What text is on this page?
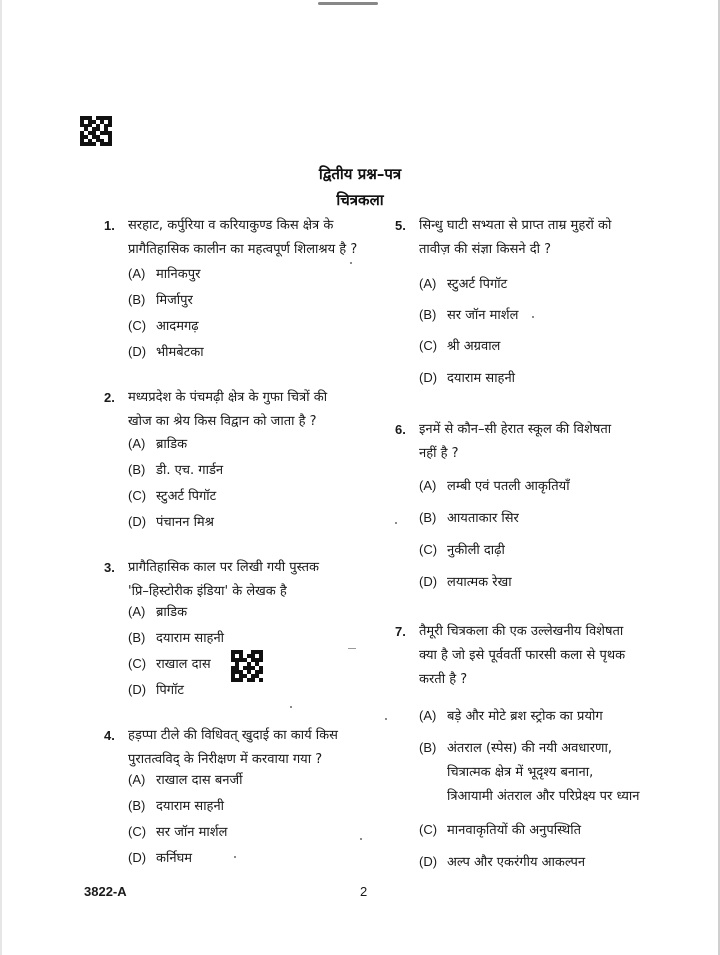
द्वितीय प्रश्न–पत्र
चित्रकला
1. सरहाट, कर्पुरिया व करियाकुण्ड किस क्षेत्र के
प्रागैतिहासिक कालीन का महत्वपूर्ण शिलाश्रय है ?
(A) मानिकपुर
(B) मिर्जापुर
(C) आदमगढ़
(D) भीमबेटका
2. मध्यप्रदेश के पंचमढ़ी क्षेत्र के गुफा चित्रों की
खोज का श्रेय किस विद्वान को जाता है ?
(A) ब्राडिक
(B) डी. एच. गार्डन
(C) स्टुअर्ट पिगॉट
(D) पंचानन मिश्र
3. प्रागैतिहासिक काल पर लिखी गयी पुस्तक
'प्रि–हिस्टोरीक इंडिया' के लेखक है
(A) ब्राडिक
(B) दयाराम साहनी
(C) राखाल दास
(D) पिगॉट
4. हड़प्पा टीले की विधिवत् खुदाई का कार्य किस
पुरातत्वविद् के निरीक्षण में करवाया गया ?
(A) राखाल दास बनर्जी
(B) दयाराम साहनी
(C) सर जॉन मार्शल
(D) कर्निघम
5. सिन्धु घाटी सभ्यता से प्राप्त ताम्र मुहरों को
तावीज़ की संज्ञा किसने दी ?
(A) स्टुअर्ट पिगॉट
(B) सर जॉन मार्शल
(C) श्री अग्रवाल
(D) दयाराम साहनी
6. इनमें से कौन–सी हेरात स्कूल की विशेषता
नहीं है ?
(A) लम्बी एवं पतली आकृतियाँ
(B) आयताकार सिर
(C) नुकीली दाढ़ी
(D) लयात्मक रेखा
7. तैमूरी चित्रकला की एक उल्लेखनीय विशेषता
क्या है जो इसे पूर्ववर्ती फारसी कला से पृथक
करती है ?
(A) बड़े और मोटे ब्रश स्ट्रोक का प्रयोग
(B) अंतराल (स्पेस) की नयी अवधारणा,
चित्रात्मक क्षेत्र में भूदृश्य बनाना,
त्रिआयामी अंतराल और परिप्रेक्ष्य पर ध्यान
(C) मानवाकृतियों की अनुपस्थिति
(D) अल्प और एकरंगीय आकल्पन
3822-A	2
